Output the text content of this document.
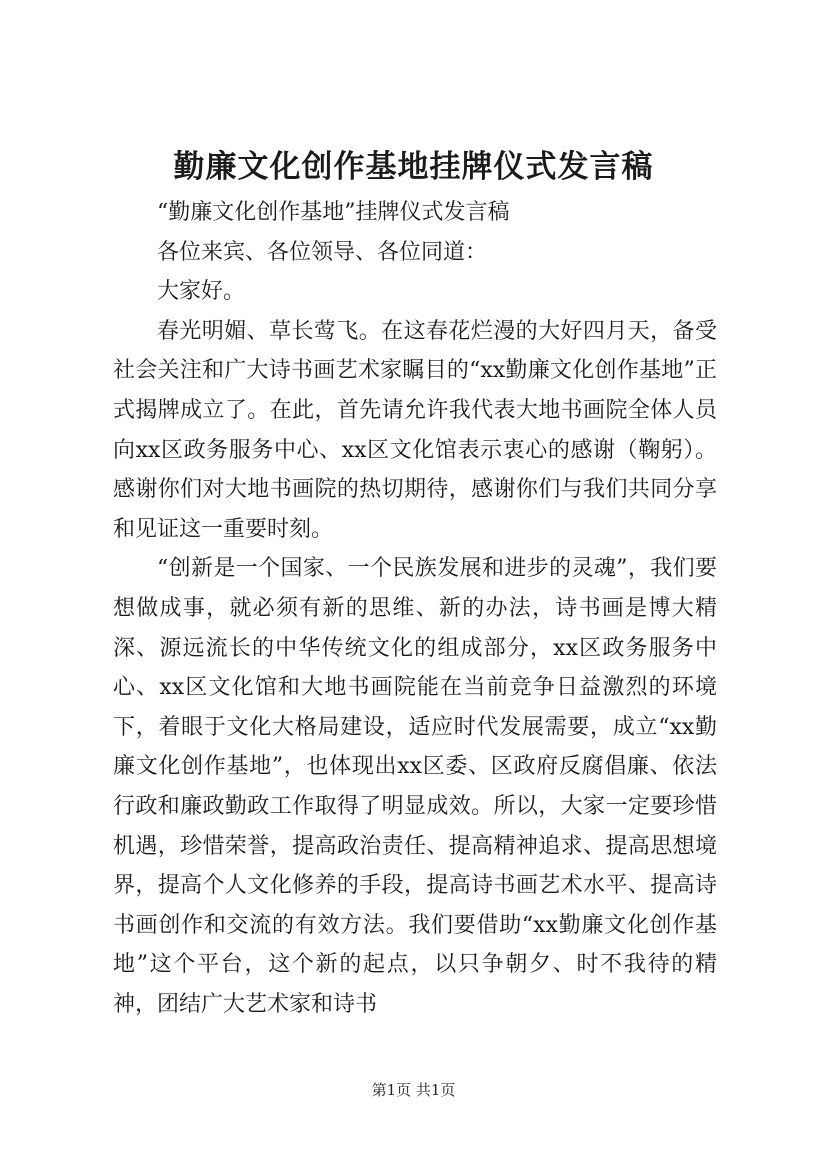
勤廉文化创作基地挂牌仪式发言稿

“勤廉文化创作基地”挂牌仪式发言稿

各位来宾、各位领导、各位同道：

大家好。

春光明媚、草长莺飞。在这春花烂漫的大好四月天，备受社会关注和广大诗书画艺术家瞩目的“xx勤廉文化创作基地”正式揭牌成立了。在此，首先请允许我代表大地书画院全体人员向xx区政务服务中心、xx区文化馆表示衷心的感谢（鞠躬）。感谢你们对大地书画院的热切期待，感谢你们与我们共同分享和见证这一重要时刻。

“创新是一个国家、一个民族发展和进步的灵魂”，我们要想做成事，就必须有新的思维、新的办法，诗书画是博大精深、源远流长的中华传统文化的组成部分，xx区政务服务中心、xx区文化馆和大地书画院能在当前竞争日益激烈的环境下，着眼于文化大格局建设，适应时代发展需要，成立“xx勤廉文化创作基地”，也体现出xx区委、区政府反腐倡廉、依法行政和廉政勤政工作取得了明显成效。所以，大家一定要珍惜机遇，珍惜荣誉，提高政治责任、提高精神追求、提高思想境界，提高个人文化修养的手段，提高诗书画艺术水平、提高诗书画创作和交流的有效方法。我们要借助“xx勤廉文化创作基地”这个平台，这个新的起点，以只争朝夕、时不我待的精神，团结广大艺术家和诗书

第1页 共1页
